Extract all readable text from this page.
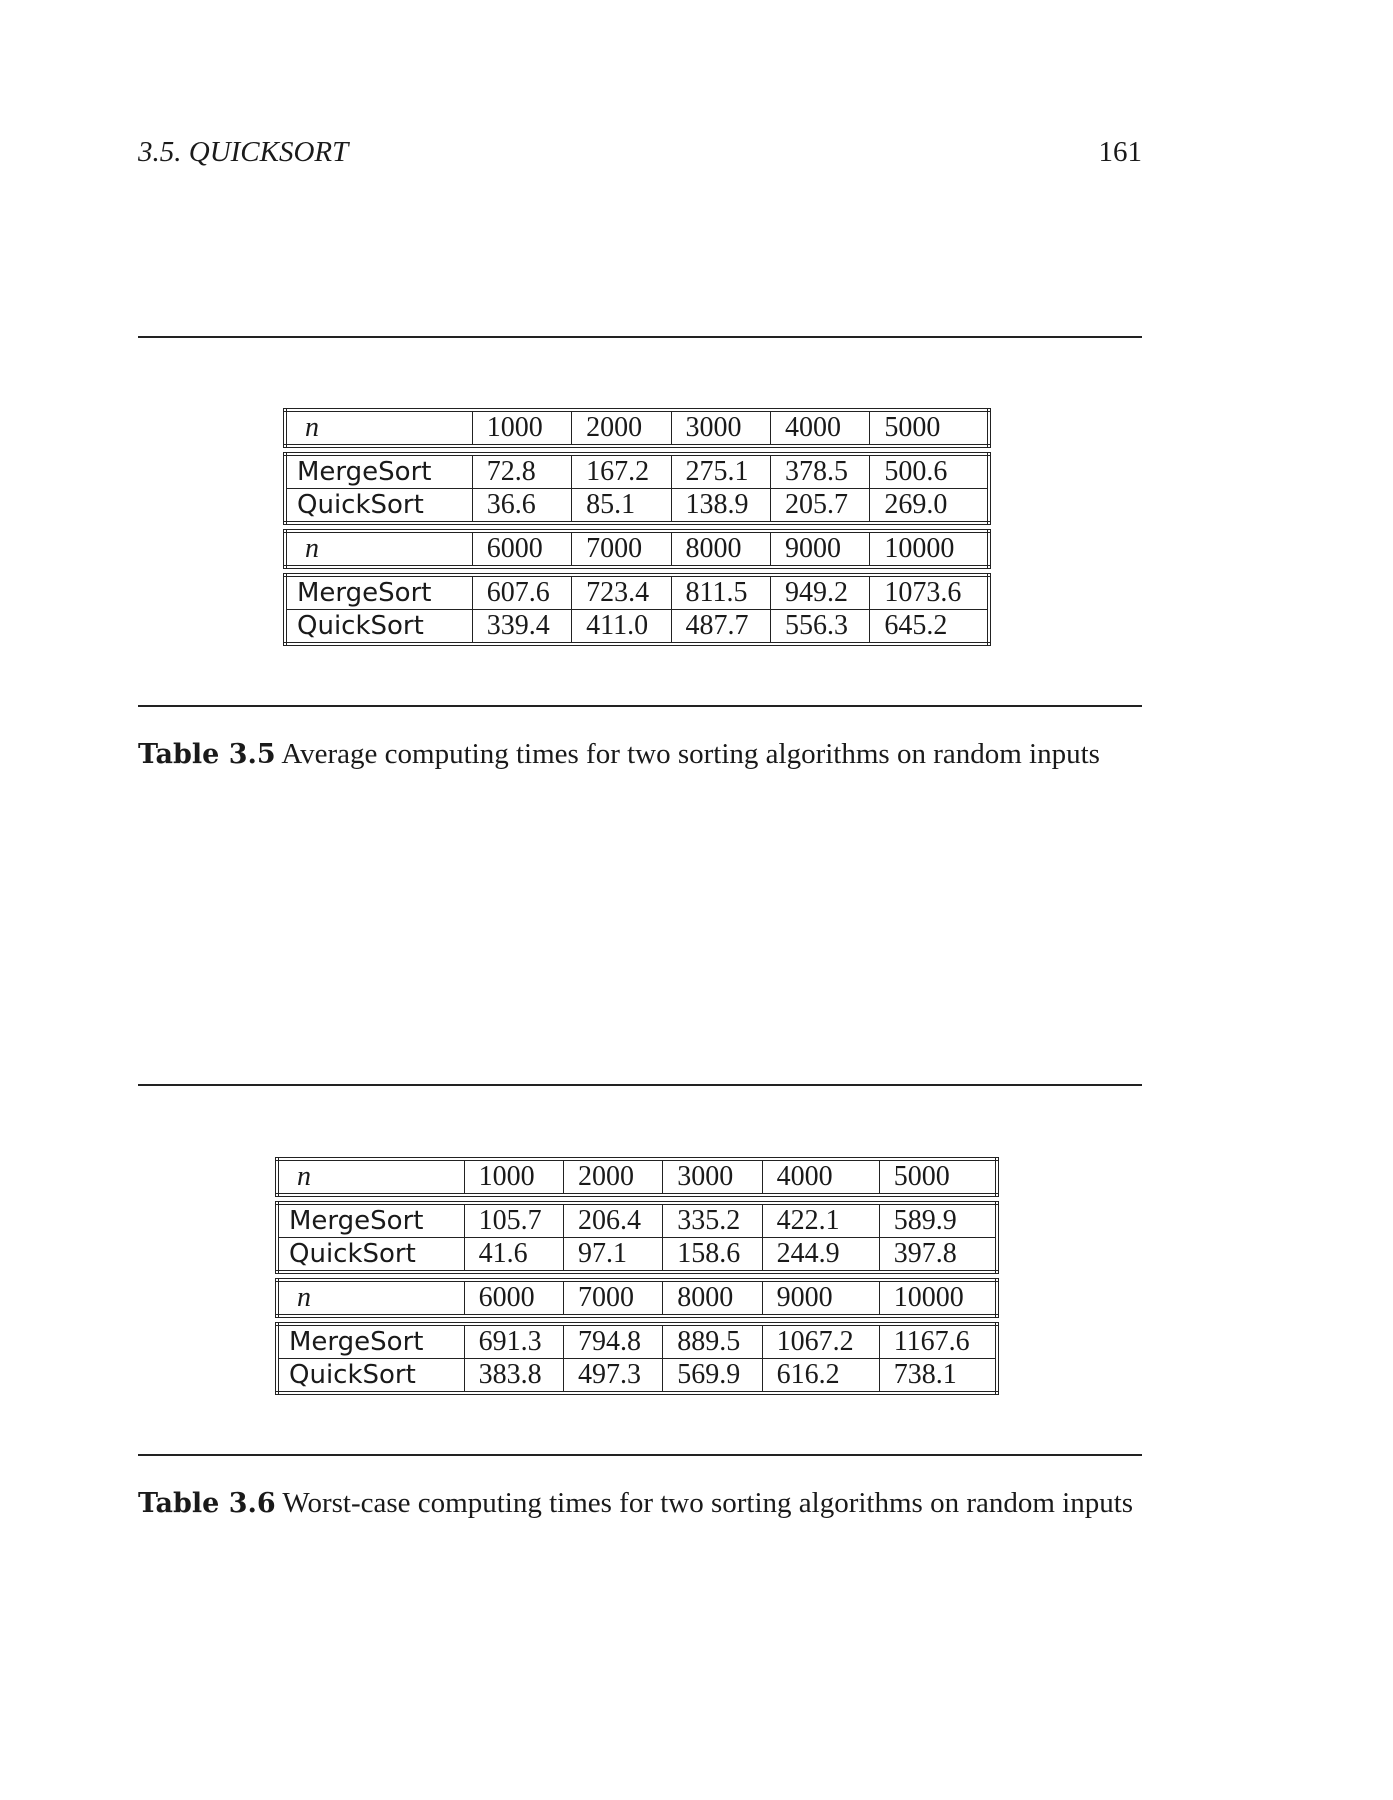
3.5. QUICKSORT	161
n	1000	2000	3000	4000	5000

MergeSort	72.8	167.2	275.1	378.5	500.6
QuickSort	36.6	85.1	138.9	205.7	269.0

n	6000	7000	8000	9000	10000

MergeSort	607.6	723.4	811.5	949.2	1073.6
QuickSort	339.4	411.0	487.7	556.3	645.2
Table 3.5 Average computing times for two sorting algorithms on random inputs
n	1000	2000	3000	4000	5000

MergeSort	105.7	206.4	335.2	422.1	589.9
QuickSort	41.6	97.1	158.6	244.9	397.8

n	6000	7000	8000	9000	10000

MergeSort	691.3	794.8	889.5	1067.2	1167.6
QuickSort	383.8	497.3	569.9	616.2	738.1
Table 3.6 Worst-case computing times for two sorting algorithms on random inputs
